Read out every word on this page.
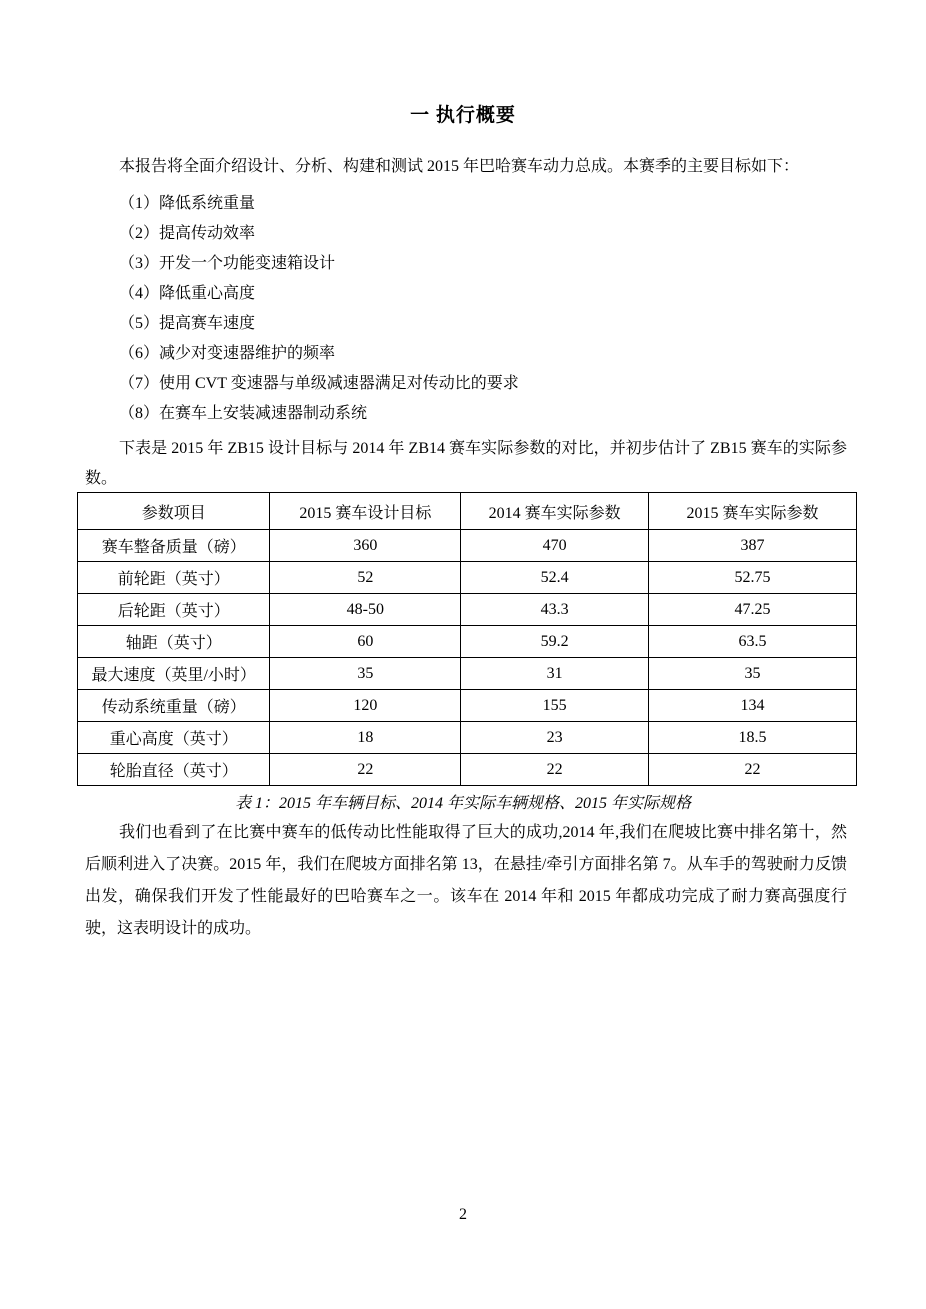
一 执行概要

本报告将全面介绍设计、分析、构建和测试 2015 年巴哈赛车动力总成。本赛季的主要目标如下：

（1）降低系统重量
（2）提高传动效率
（3）开发一个功能变速箱设计
（4）降低重心高度
（5）提高赛车速度
（6）减少对变速器维护的频率
（7）使用 CVT 变速器与单级减速器满足对传动比的要求
（8）在赛车上安装减速器制动系统

下表是 2015 年 ZB15 设计目标与 2014 年 ZB14 赛车实际参数的对比，并初步估计了 ZB15 赛车的实际参数。

参数项目	2015 赛车设计目标	2014 赛车实际参数	2015 赛车实际参数
赛车整备质量（磅）	360	470	387
前轮距（英寸）	52	52.4	52.75
后轮距（英寸）	48-50	43.3	47.25
轴距（英寸）	60	59.2	63.5
最大速度（英里/小时）	35	31	35
传动系统重量（磅）	120	155	134
重心高度（英寸）	18	23	18.5
轮胎直径（英寸）	22	22	22

表 1：2015 年车辆目标、2014 年实际车辆规格、2015 年实际规格

我们也看到了在比赛中赛车的低传动比性能取得了巨大的成功,2014 年,我们在爬坡比赛中排名第十，然后顺利进入了决赛。2015 年，我们在爬坡方面排名第 13，在悬挂/牵引方面排名第 7。从车手的驾驶耐力反馈出发，确保我们开发了性能最好的巴哈赛车之一。该车在 2014 年和 2015 年都成功完成了耐力赛高强度行驶，这表明设计的成功。

2
